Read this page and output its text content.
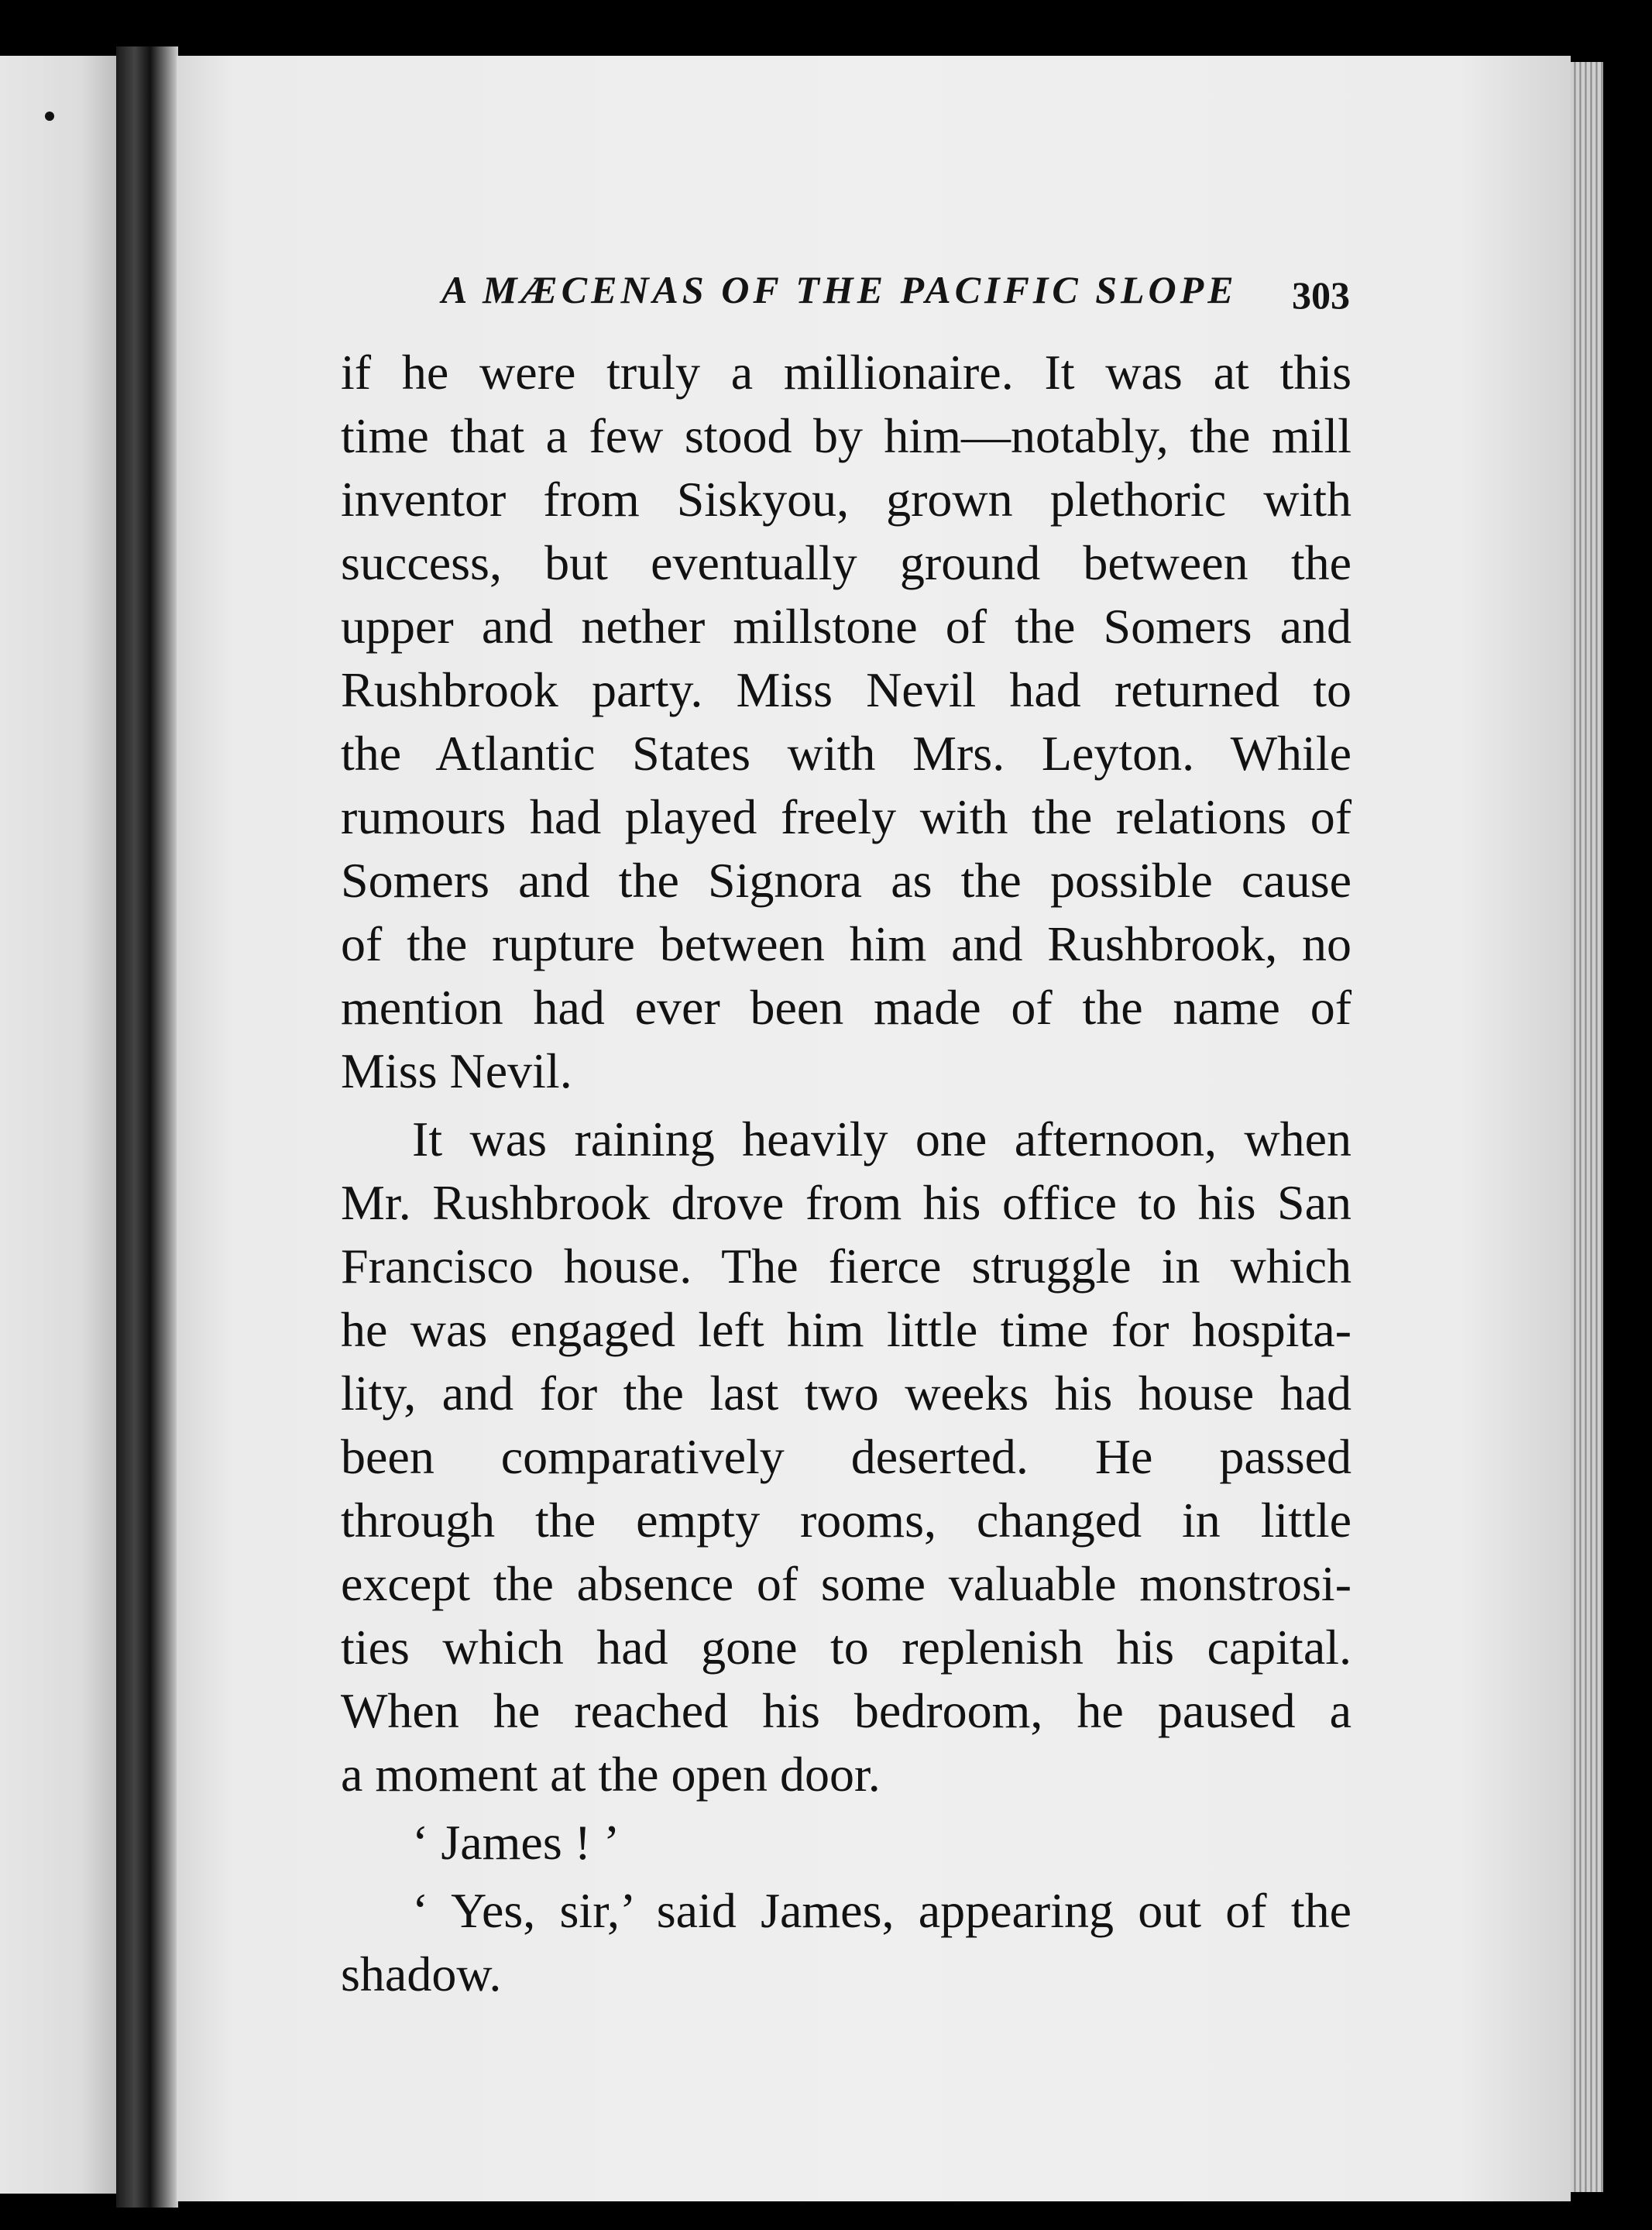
A MÆCENAS OF THE PACIFIC SLOPE	303

if he were truly a millionaire. It was at this
time that a few stood by him—notably, the mill
inventor from Siskyou, grown plethoric with
success, but eventually ground between the
upper and nether millstone of the Somers and
Rushbrook party. Miss Nevil had returned to
the Atlantic States with Mrs. Leyton. While
rumours had played freely with the relations of
Somers and the Signora as the possible cause
of the rupture between him and Rushbrook, no
mention had ever been made of the name of
Miss Nevil.

It was raining heavily one afternoon, when
Mr. Rushbrook drove from his office to his San
Francisco house. The fierce struggle in which
he was engaged left him little time for hospita-
lity, and for the last two weeks his house had
been comparatively deserted. He passed
through the empty rooms, changed in little
except the absence of some valuable monstrosi-
ties which had gone to replenish his capital.
When he reached his bedroom, he paused a
a moment at the open door.

‘ James ! ’

‘ Yes, sir,’ said James, appearing out of the
shadow.
